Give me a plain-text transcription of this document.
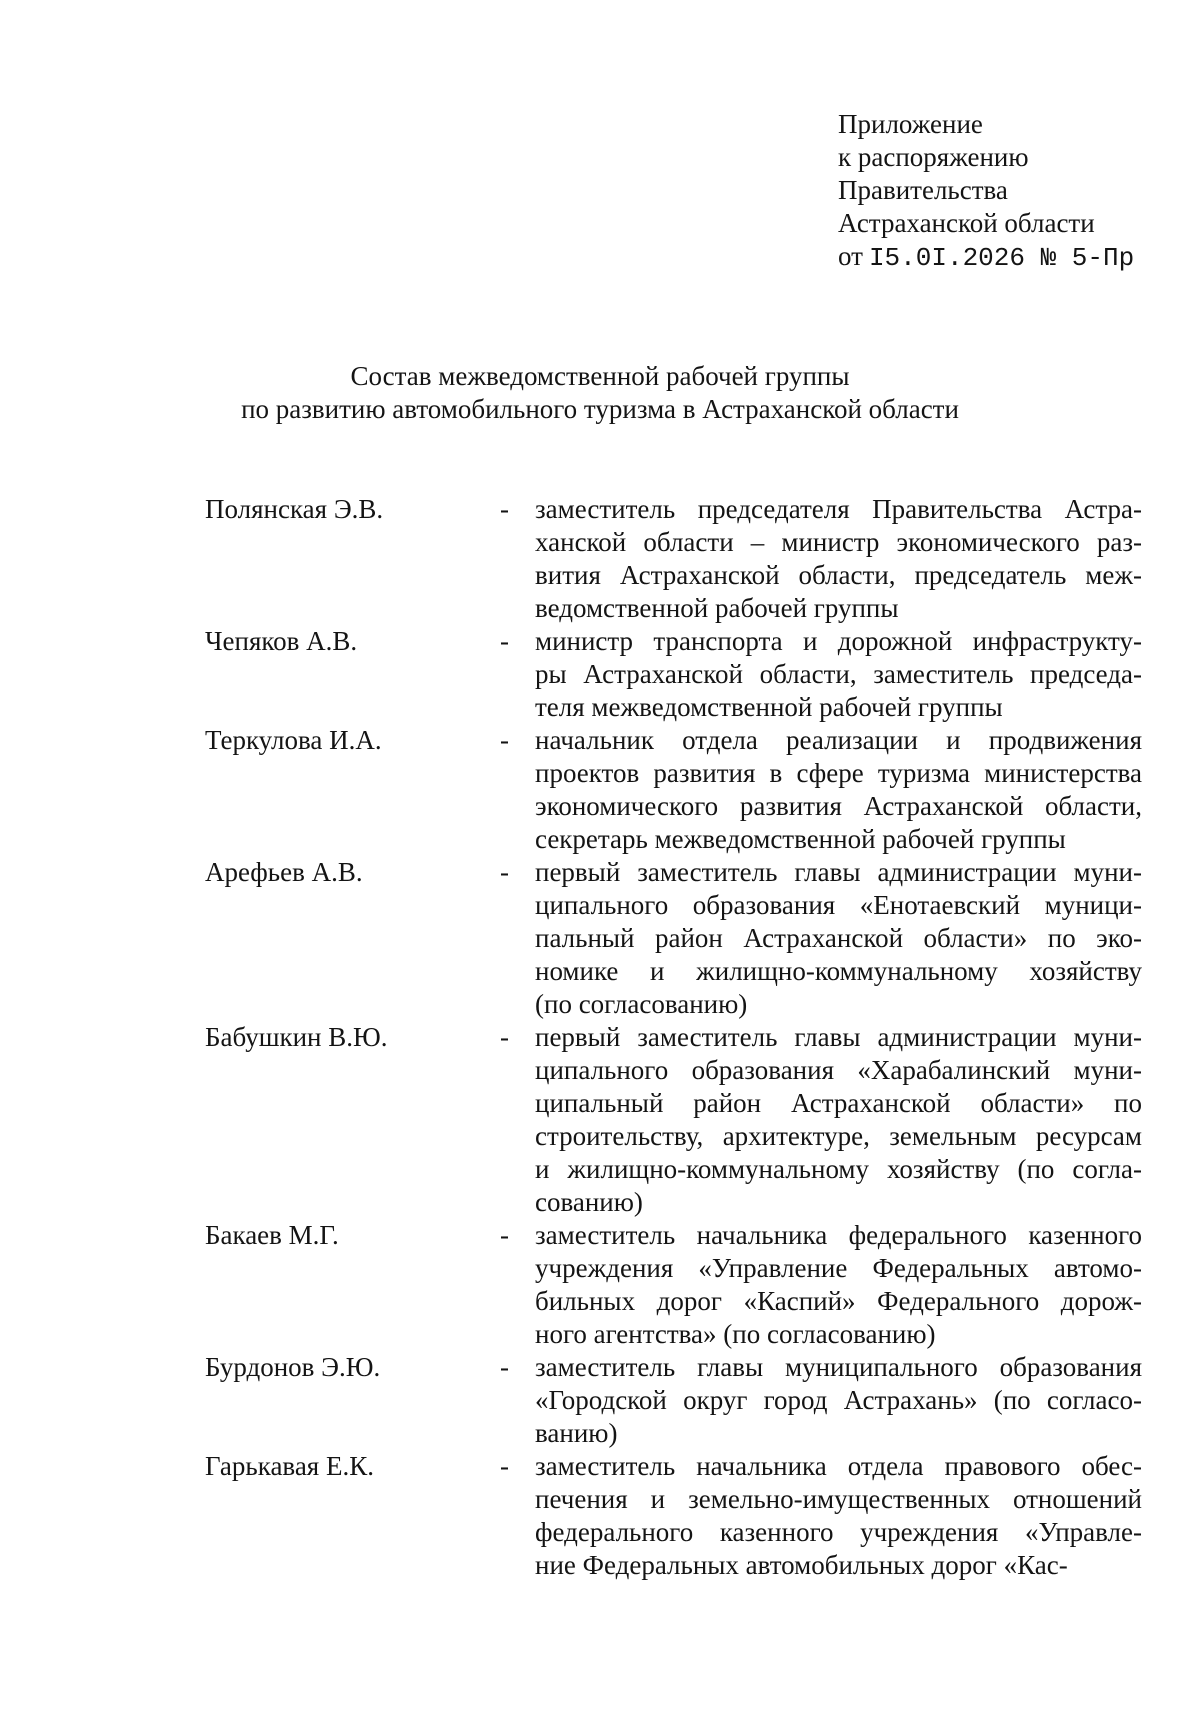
Приложение
к распоряжению
Правительства
Астраханской области
от I5.0I.2026 № 5-Пр
Состав межведомственной рабочей группы
по развитию автомобильного туризма в Астраханской области
Полянская Э.В.	- заместитель председателя Правительства Астра-
ханской области – министр экономического раз-
вития Астраханской области, председатель меж-
ведомственной рабочей группы
Чепяков А.В.	- министр транспорта и дорожной инфраструкту-
ры Астраханской области, заместитель председа-
теля межведомственной рабочей группы
Теркулова И.А.	- начальник отдела реализации и продвижения
проектов развития в сфере туризма министерства
экономического развития Астраханской области,
секретарь межведомственной рабочей группы
Арефьев А.В.	- первый заместитель главы администрации муни-
ципального образования «Енотаевский муници-
пальный район Астраханской области» по эко-
номике и жилищно-коммунальному хозяйству
(по согласованию)
Бабушкин В.Ю.	- первый заместитель главы администрации муни-
ципального образования «Харабалинский муни-
ципальный район Астраханской области» по
строительству, архитектуре, земельным ресурсам
и жилищно-коммунальному хозяйству (по согла-
сованию)
Бакаев М.Г.	- заместитель начальника федерального казенного
учреждения «Управление Федеральных автомо-
бильных дорог «Каспий» Федерального дорож-
ного агентства» (по согласованию)
Бурдонов Э.Ю.	- заместитель главы муниципального образования
«Городской округ город Астрахань» (по согласо-
ванию)
Гарькавая Е.К.	- заместитель начальника отдела правового обес-
печения и земельно-имущественных отношений
федерального казенного учреждения «Управле-
ние Федеральных автомобильных дорог «Кас-
